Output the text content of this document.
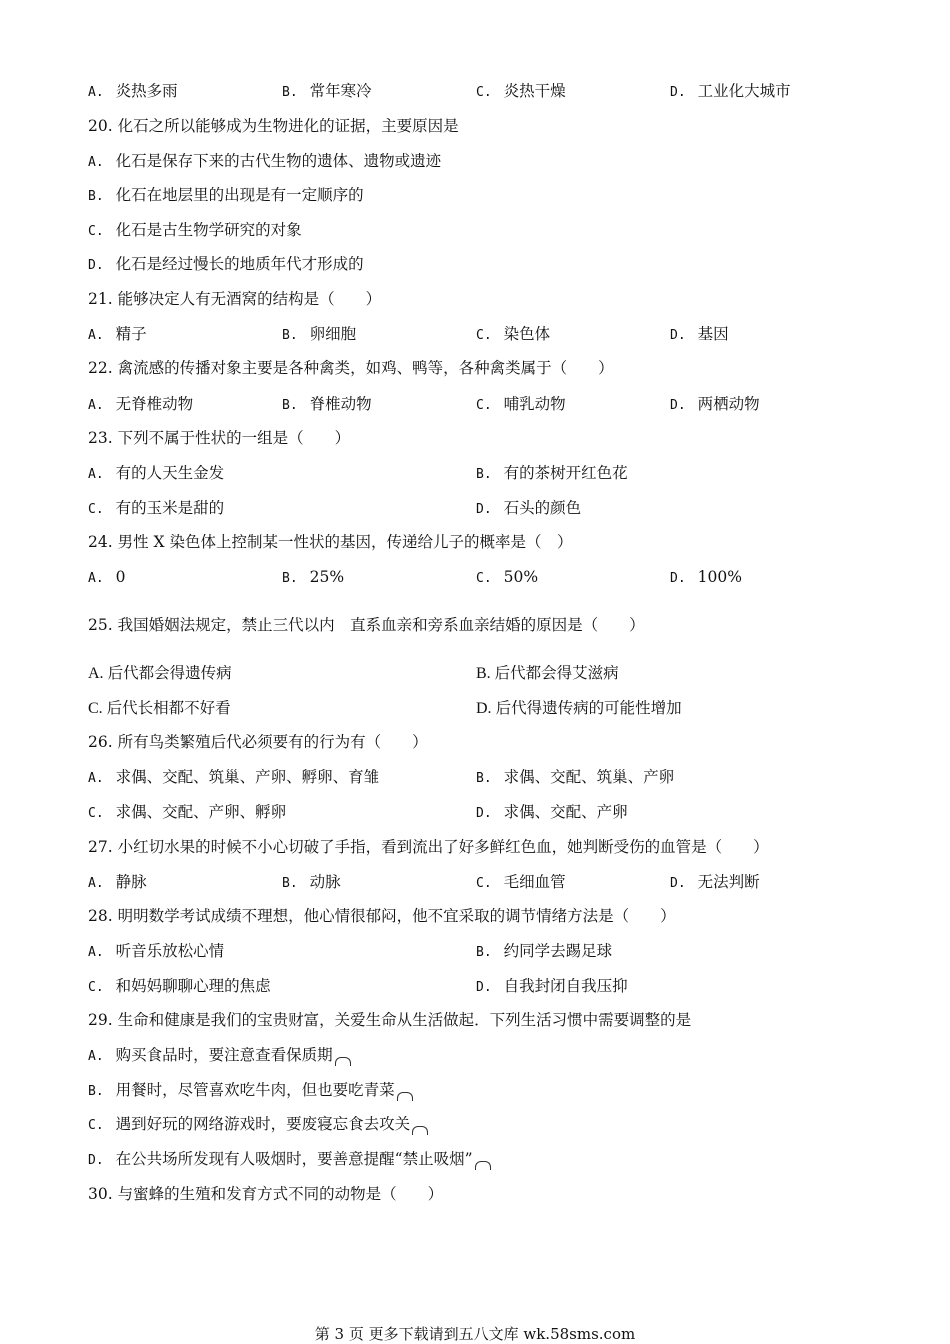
A. 炎热多雨	B. 常年寒冷	C. 炎热干燥	D. 工业化大城市
20. 化石之所以能够成为生物进化的证据，主要原因是
A. 化石是保存下来的古代生物的遗体、遗物或遗迹
B. 化石在地层里的出现是有一定顺序的
C. 化石是古生物学研究的对象
D. 化石是经过慢长的地质年代才形成的
21. 能够决定人有无酒窝的结构是（　　）
A. 精子	B. 卵细胞	C. 染色体	D. 基因
22. 禽流感的传播对象主要是各种禽类，如鸡、鸭等，各种禽类属于（　　）
A. 无脊椎动物	B. 脊椎动物	C. 哺乳动物	D. 两栖动物
23. 下列不属于性状的一组是（　　）
A. 有的人天生金发	B. 有的茶树开红色花
C. 有的玉米是甜的	D. 石头的颜色
24. 男性 X 染色体上控制某一性状的基因，传递给儿子的概率是（　）
A. 0	B. 25%	C. 50%	D. 100%
25. 我国婚姻法规定，禁止三代以内　直系血亲和旁系血亲结婚的原因是（　　）
A. 后代都会得遗传病	B. 后代都会得艾滋病
C. 后代长相都不好看	D. 后代得遗传病的可能性增加
26. 所有鸟类繁殖后代必须要有的行为有（　　）
A. 求偶、交配、筑巢、产卵、孵卵、育雏	B. 求偶、交配、筑巢、产卵
C. 求偶、交配、产卵、孵卵	D. 求偶、交配、产卵
27. 小红切水果的时候不小心切破了手指，看到流出了好多鲜红色血，她判断受伤的血管是（　　）
A. 静脉	B. 动脉	C. 毛细血管	D. 无法判断
28. 明明数学考试成绩不理想，他心情很郁闷，他不宜采取的调节情绪方法是（　　）
A. 听音乐放松心情	B. 约同学去踢足球
C. 和妈妈聊聊心理的焦虑	D. 自我封闭自我压抑
29. 生命和健康是我们的宝贵财富，关爱生命从生活做起．下列生活习惯中需要调整的是
A. 购买食品时，要注意查看保质期
B. 用餐时，尽管喜欢吃牛肉，但也要吃青菜
C. 遇到好玩的网络游戏时，要废寝忘食去攻关
D. 在公共场所发现有人吸烟时，要善意提醒“禁止吸烟”
30. 与蜜蜂的生殖和发育方式不同的动物是（　　）
第 3 页 更多下载请到五八文库 wk.58sms.com
